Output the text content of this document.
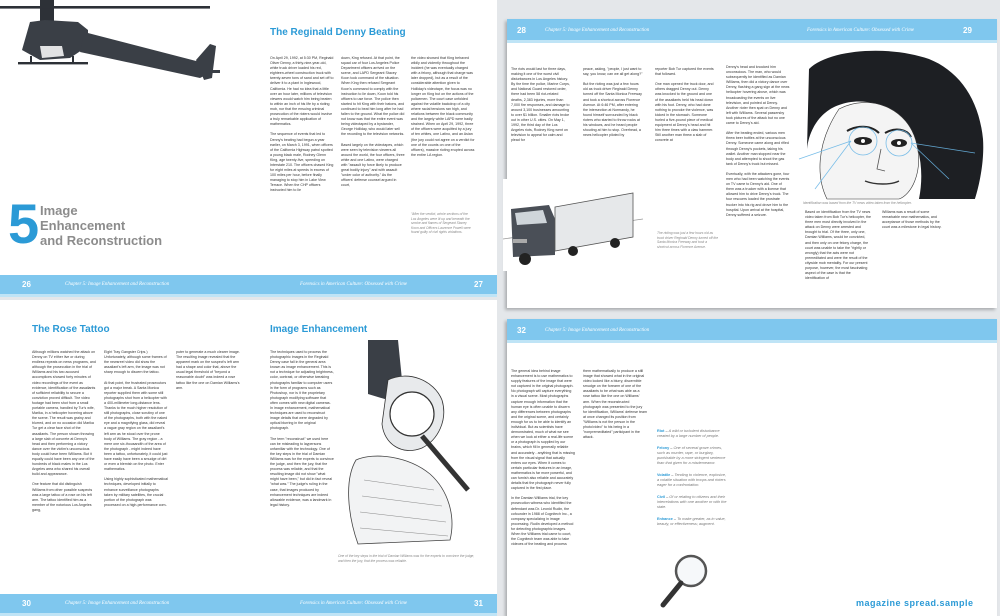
The Reginald Denny Beating
On April 29, 1992, at 5:30 PM, Reginald Oliver Denny, a thirty-nine-year-old, white truck driver loaded his red, eighteen-wheel construction truck with twenty-seven tons of sand and set off to deliver it to a plant in Inglewood, California. He had no idea that a little over an hour later, millions of television viewers would watch him being beaten to within an inch of his life by a rioting mob, nor that the ensuing criminal prosecution of the rioters would involve a truly remarkable application of mathematics.

The sequence of events that led to Denny's beating had begun a year earlier, on March 3, 1991, when officers of the California Highway patrol spotted a young black male, Rodney Glenn King, age twenty-five, speeding on Interstate 210. The officers chased King for eight miles at speeds in excess of 100 miles per hour, before finally managing to stop him in Lake View Terrace. When the CHP officers instructed him to lie
down, King refused. At that point, the squad car of four Los Angeles Police Department officers arrived on the scene, and LAPD Sergeant Stacey Koon took command of the situation. When King then refused Sergeant Koon's command to comply with the instruction to lie down, Koon told his officers to use force. The police then started to hit King with their batons, and continued to beat him long after he had fallen to the ground. What the police did not know was that the entire event was being videotaped by a bystander, George Holliday, who would later sell the recording to the television networks.

Based largely on the videotapes, which were seen by television viewers all around the world, the four officers, three white and one Latino, were charged with "assault by force likely to produce great bodily injury" and with assault "under color of authority." As the officers' defense counsel argued in court,
the video showed that King behaved wildly and violently throughout the incident (he was eventually charged with a felony, although that charge was later dropped), but as a result of the considerable attention given to Holliday's videotape, the focus was no longer on King but on the actions of the policemen. The court case unfolded against the volatile backdrop of a city where racial tensions ran high, and relations between the black community and the largely white LAPD were badly strained. When on April 29, 1992, three of the officers were acquitted by a jury of ten whites, one Latino, and an Asian (the jury could not agree on a verdict for one of the counts on one of the officers), massive rioting erupted across the entire LA region.
"After the verdict, whole sections of the Los Angeles were lit up and beneath the smoke and flames of Sergeant Stacey Koon and Officers Laurence Powell were found guilty of civil rights violations.
5 Image
Enhancement
and Reconstruction
26	Chapter 5: Image Enhancement and Reconstruction	Forensics in American Culture: Obsessed with Crime	27
28	Chapter 5: Image Enhancement and Reconstruction	Forensics in American Culture: Obsessed with Crime	29
The riots would last for three days, making it one of the worst civil disturbances in Los Angeles history. By the time the police, Marine Corps, and National Guard restored order, there had been 58 riot-related deaths, 2,383 injuries, more than 7,000 fire responses, and damage to around 3,100 businesses amounting to over $1 billion. Smaller riots broke out in other U.S. cities. On May 1, 1992, the third day of the Los Angeles riots, Rodney King went on television to appeal for calm and plead for
peace, asking, "people, I just want to say, you know, can we all get along?"

But the rioting was just a few hours old as truck driver Reginald Denny turned off the Santa Monica Freeway and took a shortcut across Florence Avenue. At 6:46 PM, after entering the intersection at Normandy, he found himself surrounded by black rioters who started to throw rocks at his windows, and he heard people shouting at him to stop. Overhead, a news helicopter piloted by
reporter Bob Tur captured the events that followed.

One man opened the truck door, and others dragged Denny out. Denny was knocked to the ground and one of the assailants held his head down with his foot. Denny, who had done nothing to provoke the violence, was kicked in the stomach. Someone hurled a five-pound piece of medical equipment at Denny's head and hit him three times with a claw hammer. Still another man threw a slab of concrete at
Denny's head and knocked him unconscious. The man, who would subsequently be identified as Damian Williams, then did a victory dance over Denny, flashing a gang sign at the news helicopter hovering above, which was broadcasting the events on live television, and pointed at Denny. Another rioter then spat on Denny and left with Williams. Several passersby took pictures of the attack but no one came to Denny's aid.

After the beating ended, various men threw beer bottles at the unconscious Denny. Someone came along and rifled through Denny's pockets, taking his wallet. Another man stopped near the body and attempted to shoot the gas tank of Denny's truck but missed.

Eventually, with the attackers gone, four men who had been watching the events on TV came to Denny's aid. One of them was a trucker with a license that allowed him to drive Denny's truck. The four rescuers loaded the prostrate trucker into his rig and drove him to the hospital. Upon arrival at the hospital, Denny suffered a seizure.
Based on identification from the TV news video taken from Bob Tur's helicopter, the three men most directly involved in the attack on Denny were arrested and brought to trial. Of the three, only one, Damian Williams, would be convicted, and then only on one felony charge, the court was unable to take the "rightly or wrongly) that the acts were not premeditated and were the result of the citywide mob mentality. For our present purpose, however, the most fascinating aspect of the case is that the identification of
Williams was a result of some remarkable new mathematics, and acceptance of those methods by the court was a milestone in legal history.
The rioting was just a few hours old as truck driver Reginald Denny turned off the Santa Monica Freeway and took a shortcut across Florence Avenue.
Identification was based from the TV news video taken from the helicopter.
The Rose Tattoo	Image Enhancement
Although millions watched the attack on Denny on TV either live or during endless repeats on news programs, and although the prosecution in the trial of Williams and his two accused accomplices showed forty minutes of video recordings of the event as evidence, identification of the assailants of sufficient reliability to secure a conviction proved difficult. The video footage had been shot from a small portable camera, handled by Tur's wife, Marika, in a helicopter hovering above the scene. The result was grainy and blurred, and on no occasion did Marika Tur get a clear face shot of the assailants. The person shown throwing a large slab of concrete at Denny's head and then performing a victory dance over the victim's unconscious body could have been Williams. But it equally could have been any one of the hundreds of black males in the Los Angeles area who shared his overall build and appearance.

One feature that did distinguish Williams from other possible suspects was a large tattoo of a rose on his left arm. The tattoo identified him as a member of the notorious Los Angeles gang,
Eight Tray Gangster Crips.) Unfortunately, although some frames of the newsreel video did show the assailant's left arm, the image was not sharp enough to discern the tattoo.

At that point, the frustrated prosecutors got a major break. A Santa Monica reporter supplied them with some still photographs shot from a helicopter with a 400-millimeter long-distance lens. Thanks to the much higher resolution of still photographs, close scrutiny of one of the photographs, both with the naked eye and a magnifying glass, did reveal a vague gray region on the assailant's left arm as he stood over the prone body of Williams. The gray region - a mere one six-thousandth of the area of the photograph - might indeed have been a tattoo, unfortunately, it could just have easily have been a smudge of dirt or even a blemish on the photo. Enter mathematics.

Using highly sophisticated mathematical techniques, developed initially to enhance surveillance photographs taken by military satellites, the crucial portion of the photograph was processed on a high-performance com-
puter to generate a much clearer image. The resulting image revealed that the apparent mark on the suspect's left arm had a shape and color that, above the usual legal threshold of "beyond a reasonable doubt" was indeed a rose tattoo like the one on Damian Williams's arm.
The techniques used to process the photographic images in the Reginald Denny case fall in the general area known as image enhancement. This is not a technique for adjusting brightness, color, contrast, or otherwise tweaking photographs familiar to computer users in the form of programs such as Photoshop, nor is it the proprietary photograph modifying software that often comes with new digital cameras. In image enhancement, mathematical techniques are used to reconstruct image details that were degraded by optical blurring in the original photograph.

The term "reconstruct" we used here can be misleading to laypersons unfamiliar with the technology. One of the key steps in the trial of Damian Williams was for the experts to convince the judge, and then the jury, that the process was reliable, and that the resulting image did not show "what might have been," but did in fact reveal "what was." The judge's ruling in the case, that images produced by enhancement techniques are indeed allowable evidence, was a landmark in legal history.
One of the key steps in the trial of Damian Williams was for the experts to convince the judge, and then the jury, that the process was reliable.
30	Chapter 5: Image Enhancement and Reconstruction	Forensics in American Culture: Obsessed with Crime	31
32	Chapter 5: Image Enhancement and Reconstruction
The general idea behind image enhancement is to use mathematics to supply features of the image that were not captured in the original photograph. No photograph will capture everything in a visual scene. Most photographs capture enough information that the human eye is often unable to discern any differences between photographs and the original scene, and certainly enough for us to be able to identify an individual. But as scientists have demonstrated, much of what we see when we look at either a real-life scene or a photograph is supplied by our brains, which fill in generally reliable and accurately - anything that is missing from the visual signal that actually enters our eyes. When it comes to certain particular features in an image, mathematics is far more powerful, and can furnish also reliable and accurately details that the photograph never fully captured in the first place.

In the Damian Williams trial, the key prosecution witness who identified the defendant was Dr. Leonid Rudin, the cofounder in 1988 of Cognitech Inc., a company specializing in image processing. Rudin developed a method for detecting photographic images. When the Williams trial came to court, the Cognitech team was able to take videoes of the beating and process
them mathematically to produce a still image that showed what in the original video looked like a blurry, discernible smudge on the forearm of one of the assailants to be what was able as a rose tattoo like the one on Williams' arm. When the reconstructed photograph was presented to the jury for identification, Williams' defense team at once changed its position from "Williams is not the person in the photo/video" to his being in a "nonpremeditated" participant in the attack.
Riot – A wild or turbulent disturbance created by a large number of people.
Felony – One of several grave crimes, such as murder, rape, or burglary, punishable by a more stringent sentence than that given for a misdemeanor.
Volatile – Tending to violence, explosive, a volatile situation with troops and rioters eager for a confrontation.
Civil – Of or relating to citizens and their interrelations with one another or with the state.
Enhance – To make greater, as in value, beauty, or effectiveness; augment.
magazine spread.sample
